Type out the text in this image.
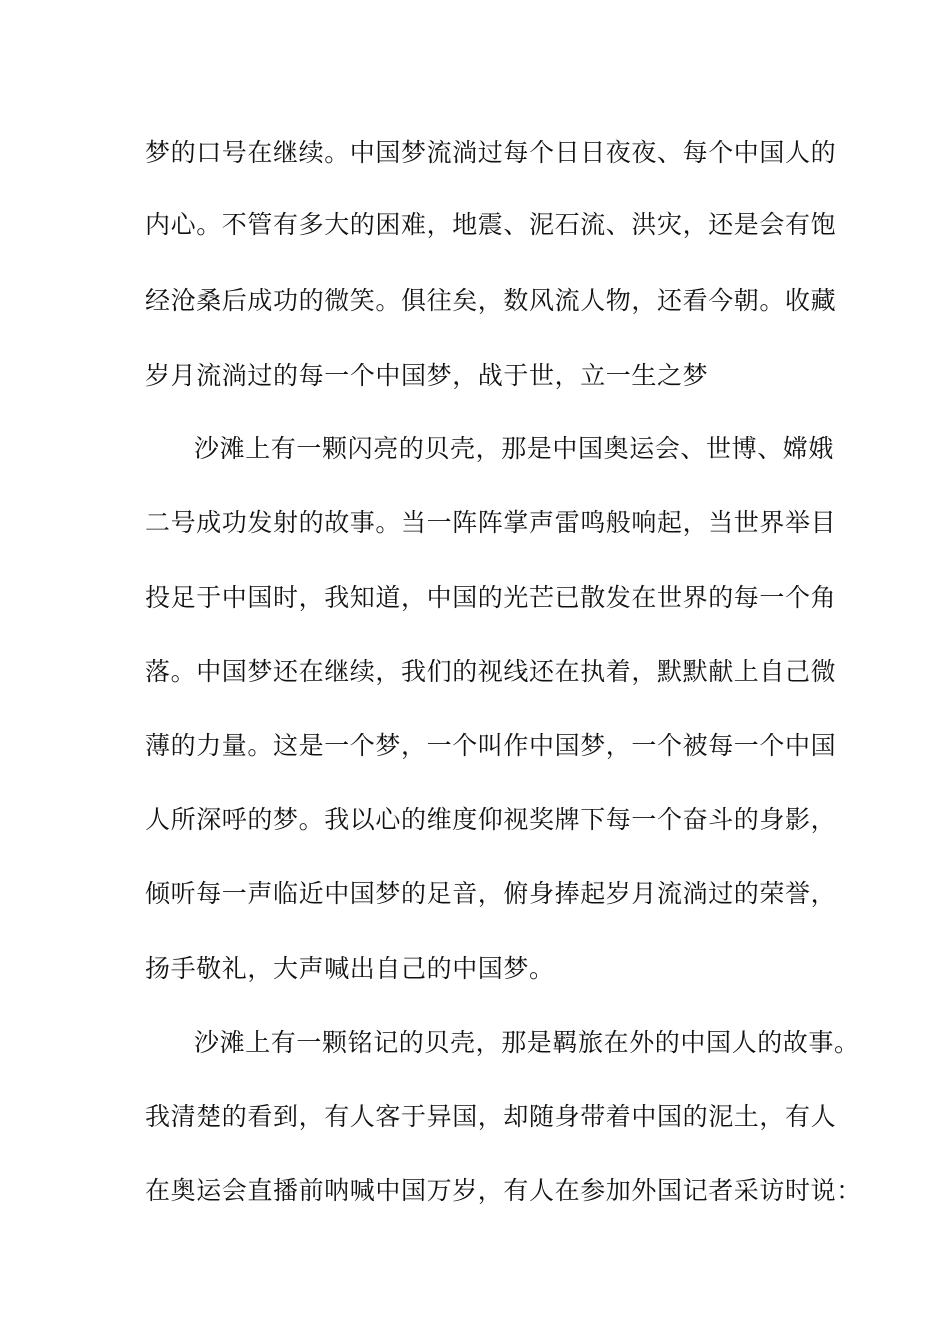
梦的口号在继续。中国梦流淌过每个日日夜夜、每个中国人的
内心。不管有多大的困难，地震、泥石流、洪灾，还是会有饱
经沧桑后成功的微笑。俱往矣，数风流人物，还看今朝。收藏
岁月流淌过的每一个中国梦，战于世，立一生之梦
沙滩上有一颗闪亮的贝壳，那是中国奥运会、世博、嫦娥
二号成功发射的故事。当一阵阵掌声雷鸣般响起，当世界举目
投足于中国时，我知道，中国的光芒已散发在世界的每一个角
落。中国梦还在继续，我们的视线还在执着，默默献上自己微
薄的力量。这是一个梦，一个叫作中国梦，一个被每一个中国
人所深呼的梦。我以心的维度仰视奖牌下每一个奋斗的身影，
倾听每一声临近中国梦的足音，俯身捧起岁月流淌过的荣誉，
扬手敬礼，大声喊出自己的中国梦。
沙滩上有一颗铭记的贝壳，那是羁旅在外的中国人的故事。
我清楚的看到，有人客于异国，却随身带着中国的泥土，有人
在奥运会直播前呐喊中国万岁，有人在参加外国记者采访时说：
